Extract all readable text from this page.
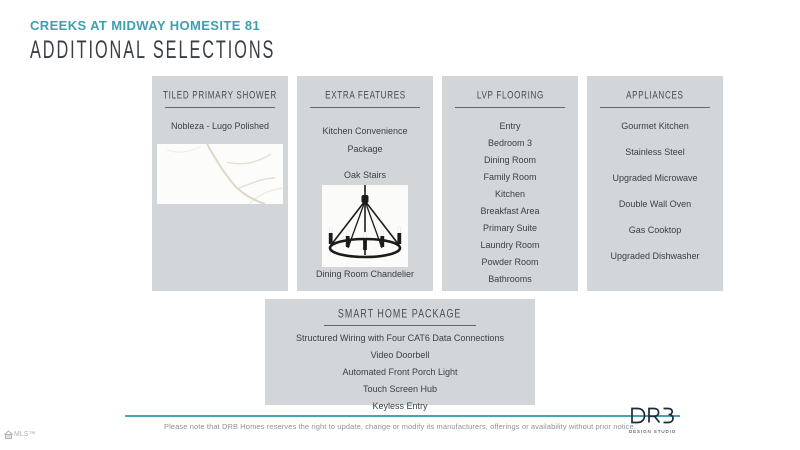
CREEKS AT MIDWAY HOMESITE 81
ADDITIONAL SELECTIONS
TILED PRIMARY SHOWER
Nobleza - Lugo Polished
EXTRA FEATURES
Kitchen Convenience Package
Oak Stairs
Dining Room Chandelier
LVP FLOORING
Entry
Bedroom 3
Dining Room
Family Room
Kitchen
Breakfast Area
Primary Suite
Laundry Room
Powder Room
Bathrooms
APPLIANCES
Gourmet Kitchen
Stainless Steel
Upgraded Microwave
Double Wall Oven
Gas Cooktop
Upgraded Dishwasher
SMART HOME PACKAGE
Structured Wiring with Four CAT6 Data Connections
Video Doorbell
Automated Front Porch Light
Touch Screen Hub
Keyless Entry
Please note that DRB Homes reserves the right to update, change or modify its manufacturers, offerings or availability without prior notice.
DESIGN STUDIO
MLS™
